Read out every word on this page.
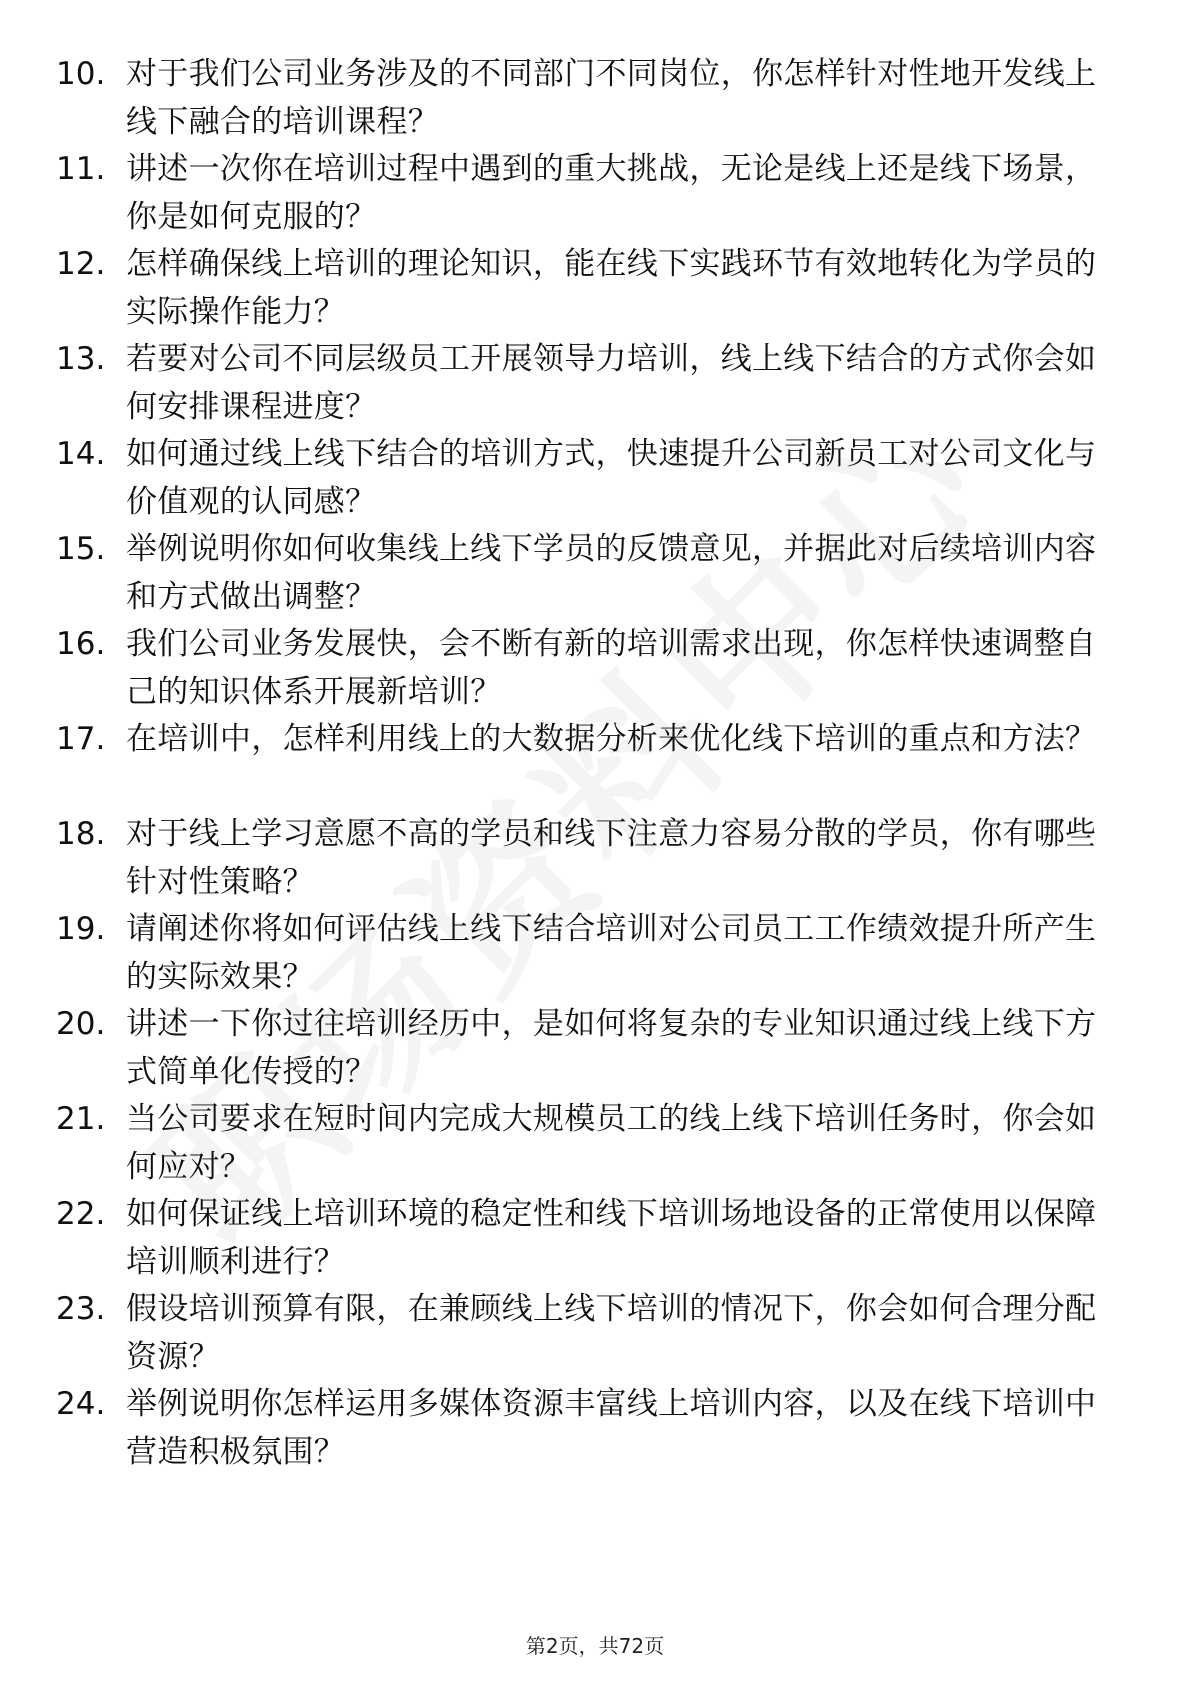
10. 对于我们公司业务涉及的不同部门不同岗位，你怎样针对性地开发线上线下融合的培训课程？
11. 讲述一次你在培训过程中遇到的重大挑战，无论是线上还是线下场景，你是如何克服的？
12. 怎样确保线上培训的理论知识，能在线下实践环节有效地转化为学员的实际操作能力？
13. 若要对公司不同层级员工开展领导力培训，线上线下结合的方式你会如何安排课程进度？
14. 如何通过线上线下结合的培训方式，快速提升公司新员工对公司文化与价值观的认同感？
15. 举例说明你如何收集线上线下学员的反馈意见，并据此对后续培训内容和方式做出调整？
16. 我们公司业务发展快，会不断有新的培训需求出现，你怎样快速调整自己的知识体系开展新培训？
17. 在培训中，怎样利用线上的大数据分析来优化线下培训的重点和方法？
18. 对于线上学习意愿不高的学员和线下注意力容易分散的学员，你有哪些针对性策略？
19. 请阐述你将如何评估线上线下结合培训对公司员工工作绩效提升所产生的实际效果？
20. 讲述一下你过往培训经历中，是如何将复杂的专业知识通过线上线下方式简单化传授的？
21. 当公司要求在短时间内完成大规模员工的线上线下培训任务时，你会如何应对？
22. 如何保证线上培训环境的稳定性和线下培训场地设备的正常使用以保障培训顺利进行？
23. 假设培训预算有限，在兼顾线上线下培训的情况下，你会如何合理分配资源？
24. 举例说明你怎样运用多媒体资源丰富线上培训内容，以及在线下培训中营造积极氛围？
第2页，共72页
